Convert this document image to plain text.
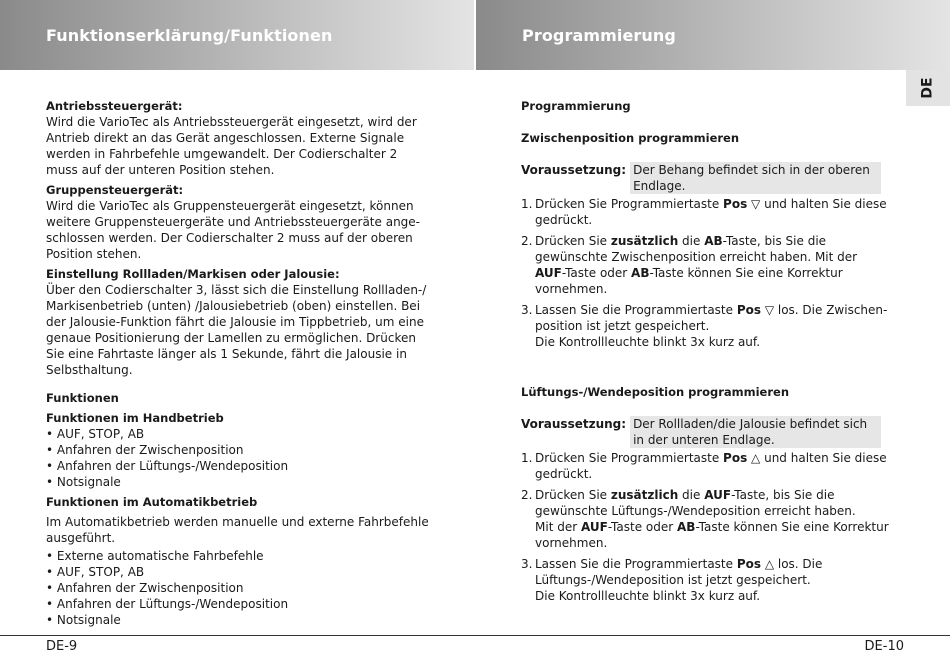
Funktionserklärung/Funktionen	Programmierung
DE
Antriebssteuergerät:
Wird die VarioTec als Antriebssteuergerät eingesetzt, wird der Antrieb direkt an das Gerät angeschlossen. Externe Signale werden in Fahrbefehle umgewandelt. Der Codierschalter 2 muss auf der unteren Position stehen.
Gruppensteuergerät:
Wird die VarioTec als Gruppensteuergerät eingesetzt, können weitere Gruppensteuergeräte und Antriebssteuergeräte ange-schlossen werden. Der Codierschalter 2 muss auf der oberen Position stehen.
Einstellung Rollladen/Markisen oder Jalousie:
Über den Codierschalter 3, lässt sich die Einstellung Rollladen-/ Markisenbetrieb (unten) /Jalousiebetrieb (oben) einstellen. Bei der Jalousie-Funktion fährt die Jalousie im Tippbetrieb, um eine genaue Positionierung der Lamellen zu ermöglichen. Drücken Sie eine Fahrtaste länger als 1 Sekunde, fährt die Jalousie in Selbsthaltung.
Funktionen
Funktionen im Handbetrieb
• AUF, STOP, AB
• Anfahren der Zwischenposition
• Anfahren der Lüftungs-/Wendeposition
• Notsignale
Funktionen im Automatikbetrieb
Im Automatikbetrieb werden manuelle und externe Fahrbefehle ausgeführt.
• Externe automatische Fahrbefehle
• AUF, STOP, AB
• Anfahren der Zwischenposition
• Anfahren der Lüftungs-/Wendeposition
• Notsignale
Programmierung
Zwischenposition programmieren
Voraussetzung: Der Behang befindet sich in der oberen Endlage.
1. Drücken Sie Programmiertaste Pos ▽ und halten Sie diese gedrückt.
2. Drücken Sie zusätzlich die AB-Taste, bis Sie die gewünschte Zwischenposition erreicht haben. Mit der AUF-Taste oder AB-Taste können Sie eine Korrektur vornehmen.
3. Lassen Sie die Programmiertaste Pos ▽ los. Die Zwischen-position ist jetzt gespeichert.
Die Kontrollleuchte blinkt 3x kurz auf.
Lüftungs-/Wendeposition programmieren
Voraussetzung: Der Rollladen/die Jalousie befindet sich in der unteren Endlage.
1. Drücken Sie Programmiertaste Pos △ und halten Sie diese gedrückt.
2. Drücken Sie zusätzlich die AUF-Taste, bis Sie die gewünschte Lüftungs-/Wendeposition erreicht haben.
Mit der AUF-Taste oder AB-Taste können Sie eine Korrektur vornehmen.
3. Lassen Sie die Programmiertaste Pos △ los. Die Lüftungs-/Wendeposition ist jetzt gespeichert.
Die Kontrollleuchte blinkt 3x kurz auf.
DE-9	DE-10
